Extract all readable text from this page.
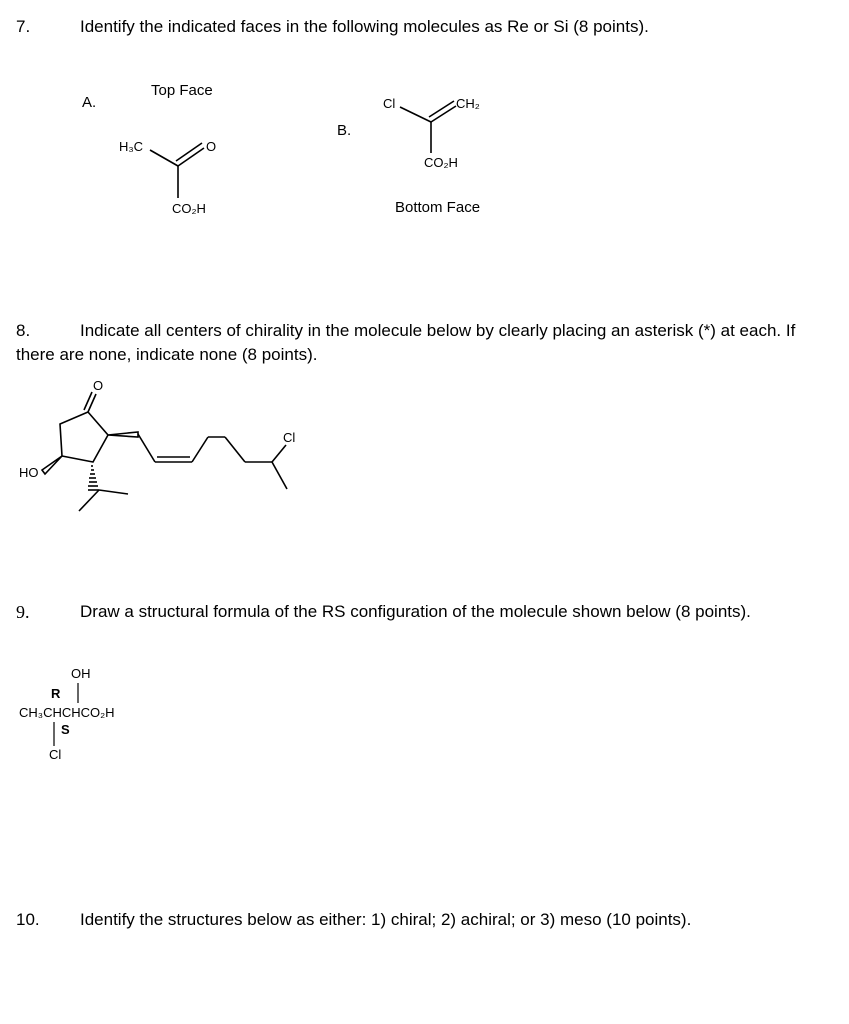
7.	Identify the indicated faces in the following molecules as Re or Si (8 points).
A.
Top Face
H₃C	O
CO₂H
B.
Cl	CH₂
CO₂H
Bottom Face
8.	Indicate all centers of chirality in the molecule below by clearly placing an asterisk (*) at each. If
there are none, indicate none (8 points).
O
HO
Cl
9.	Draw a structural formula of the RS configuration of the molecule shown below (8 points).
OH
R
CH₃CHCHCO₂H
S
Cl
10. Identify the structures below as either: 1) chiral; 2) achiral; or 3) meso (10 points).
